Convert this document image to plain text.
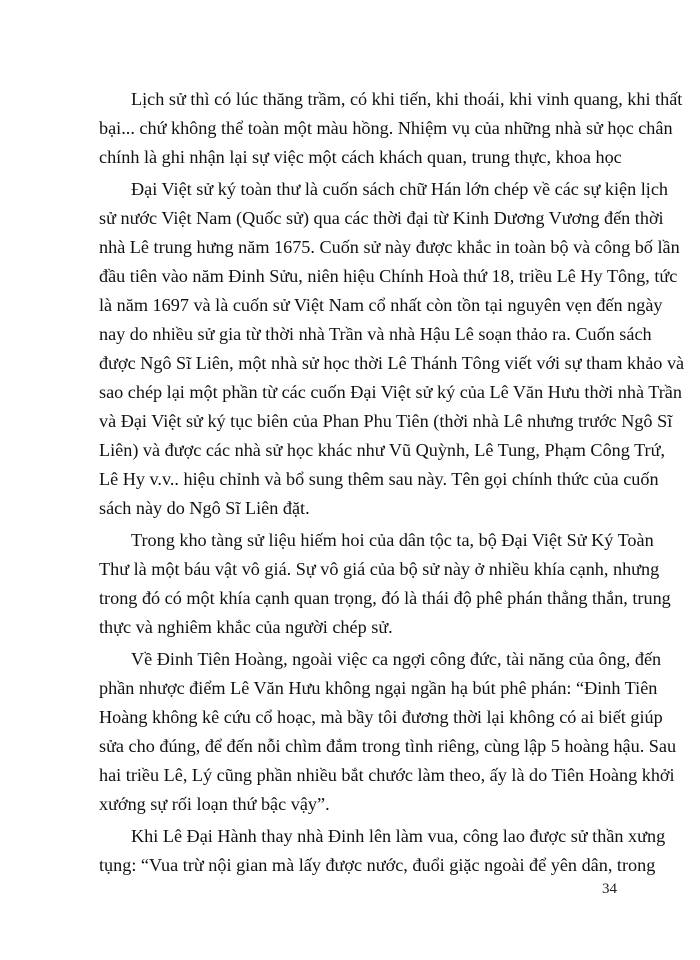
Lịch sử thì có lúc thăng trầm, có khi tiến, khi thoái, khi vinh quang, khi thất
bại... chứ không thể toàn một màu hồng. Nhiệm vụ của những nhà sử học chân
chính là ghi nhận lại sự việc một cách khách quan, trung thực, khoa học
Đại Việt sử ký toàn thư là cuốn sách chữ Hán lớn chép về các sự kiện lịch
sử nước Việt Nam (Quốc sử) qua các thời đại từ Kinh Dương Vương đến thời
nhà Lê trung hưng năm 1675. Cuốn sử này được khắc in toàn bộ và công bố lần
đầu tiên vào năm Đinh Sửu, niên hiệu Chính Hoà thứ 18, triều Lê Hy Tông, tức
là năm 1697 và là cuốn sử Việt Nam cổ nhất còn tồn tại nguyên vẹn đến ngày
nay do nhiều sử gia từ thời nhà Trần và nhà Hậu Lê soạn thảo ra. Cuốn sách
được Ngô Sĩ Liên, một nhà sử học thời Lê Thánh Tông viết với sự tham khảo và
sao chép lại một phần từ các cuốn Đại Việt sử ký của Lê Văn Hưu thời nhà Trần
và Đại Việt sử ký tục biên của Phan Phu Tiên (thời nhà Lê nhưng trước Ngô Sĩ
Liên) và được các nhà sử học khác như Vũ Quỳnh, Lê Tung, Phạm Công Trứ,
Lê Hy v.v.. hiệu chỉnh và bổ sung thêm sau này. Tên gọi chính thức của cuốn
sách này do Ngô Sĩ Liên đặt.
Trong kho tàng sử liệu hiếm hoi của dân tộc ta, bộ Đại Việt Sử Ký Toàn
Thư là một báu vật vô giá. Sự vô giá của bộ sử này ở nhiều khía cạnh, nhưng
trong đó có một khía cạnh quan trọng, đó là thái độ phê phán thẳng thắn, trung
thực và nghiêm khắc của người chép sử.
Về Đinh Tiên Hoàng, ngoài việc ca ngợi công đức, tài năng của ông, đến
phần nhược điểm Lê Văn Hưu không ngại ngần hạ bút phê phán: “Đinh Tiên
Hoàng không kê cứu cổ hoạc, mà bầy tôi đương thời lại không có ai biết giúp
sửa cho đúng, để đến nỗi chìm đắm trong tình riêng, cùng lập 5 hoàng hậu. Sau
hai triều Lê, Lý cũng phần nhiều bắt chước làm theo, ấy là do Tiên Hoàng khởi
xướng sự rối loạn thứ bậc vậy”.
Khi Lê Đại Hành thay nhà Đinh lên làm vua, công lao được sử thần xưng
tụng: “Vua trừ nội gian mà lấy được nước, đuổi giặc ngoài để yên dân, trong
34
